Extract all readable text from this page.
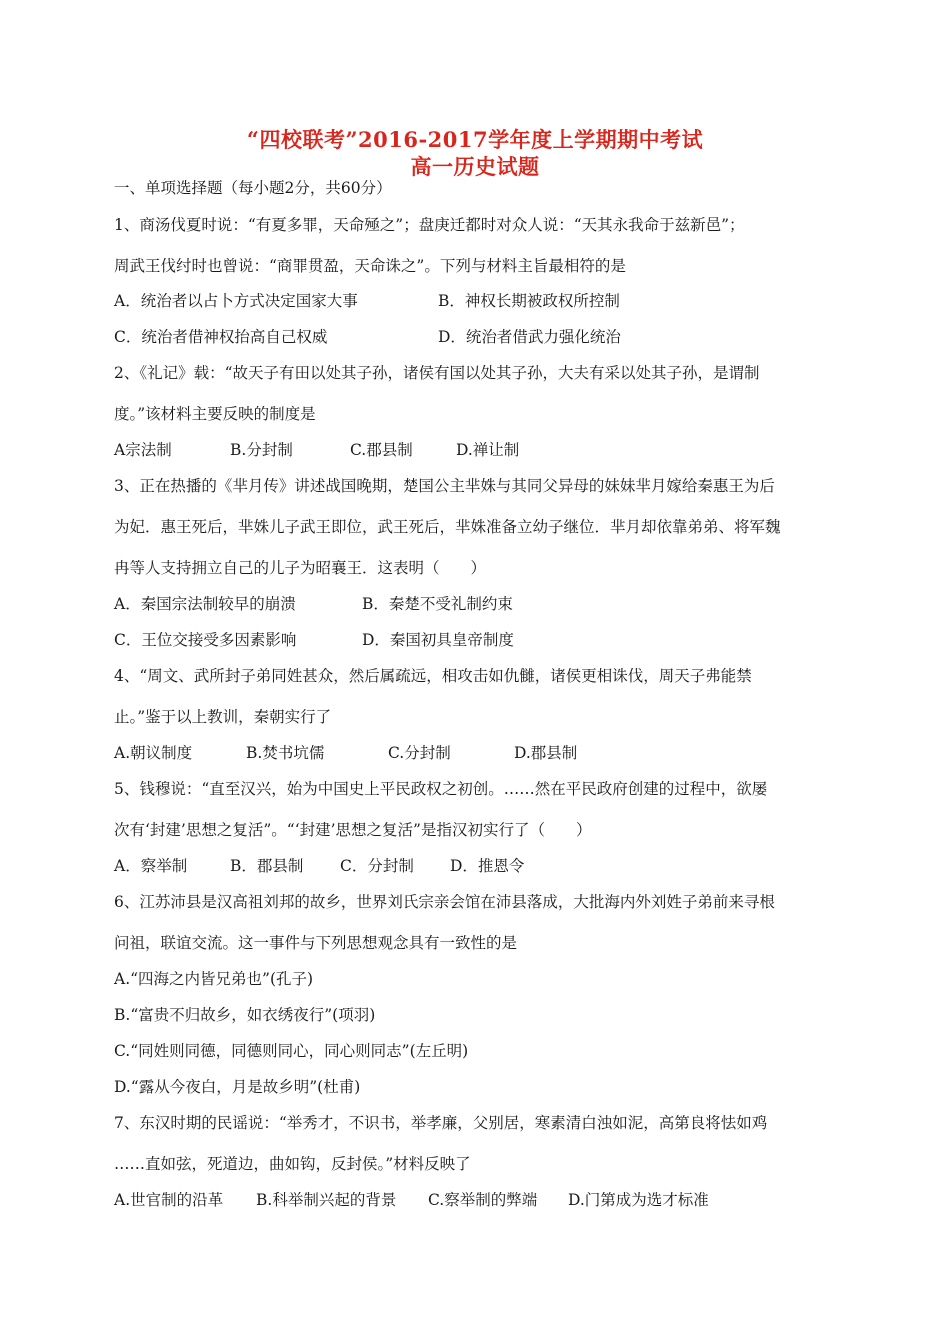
“四校联考”2016-2017学年度上学期期中考试
高一历史试题
一、单项选择题（每小题2分，共60分）
1、商汤伐夏时说：“有夏多罪，天命殛之”；盘庚迁都时对众人说：“天其永我命于兹新邑”；
周武王伐纣时也曾说：“商罪贯盈，天命诛之”。下列与材料主旨最相符的是
A．统治者以占卜方式决定国家大事	B．神权长期被政权所控制
C．统治者借神权抬高自己权威	D．统治者借武力强化统治
2、《礼记》载：“故天子有田以处其子孙，诸侯有国以处其子孙，大夫有采以处其子孙，是谓制
度。”该材料主要反映的制度是
A宗法制	B.分封制	C.郡县制	D.禅让制
3、正在热播的《芈月传》讲述战国晚期，楚国公主芈姝与其同父异母的妹妹芈月嫁给秦惠王为后
为妃．惠王死后，芈姝儿子武王即位，武王死后，芈姝准备立幼子继位．芈月却依靠弟弟、将军魏
冉等人支持拥立自己的儿子为昭襄王．这表明（　　）
A．秦国宗法制较早的崩溃	B．秦楚不受礼制约束
C．王位交接受多因素影响	D．秦国初具皇帝制度
4、“周文、武所封子弟同姓甚众，然后属疏远，相攻击如仇雠，诸侯更相诛伐，周天子弗能禁
止。”鉴于以上教训，秦朝实行了
A.朝议制度	B.焚书坑儒	C.分封制	D.郡县制
5、钱穆说：“直至汉兴，始为中国史上平民政权之初创。……然在平民政府创建的过程中，欲屡
次有‘封建’思想之复活”。“‘封建’思想之复活”是指汉初实行了（　　）
A．察举制	B．郡县制	C．分封制	D．推恩令
6、江苏沛县是汉高祖刘邦的故乡，世界刘氏宗亲会馆在沛县落成，大批海内外刘姓子弟前来寻根
问祖，联谊交流。这一事件与下列思想观念具有一致性的是
A.“四海之内皆兄弟也”(孔子)
B.“富贵不归故乡，如衣绣夜行”(项羽)
C.“同姓则同德，同德则同心，同心则同志”(左丘明)
D.“露从今夜白，月是故乡明”(杜甫)
7、东汉时期的民谣说：“举秀才，不识书，举孝廉，父别居，寒素清白浊如泥，高第良将怯如鸡
……直如弦，死道边，曲如钩，反封侯。”材料反映了
A.世官制的沿革	B.科举制兴起的背景	C.察举制的弊端	D.门第成为选才标准
